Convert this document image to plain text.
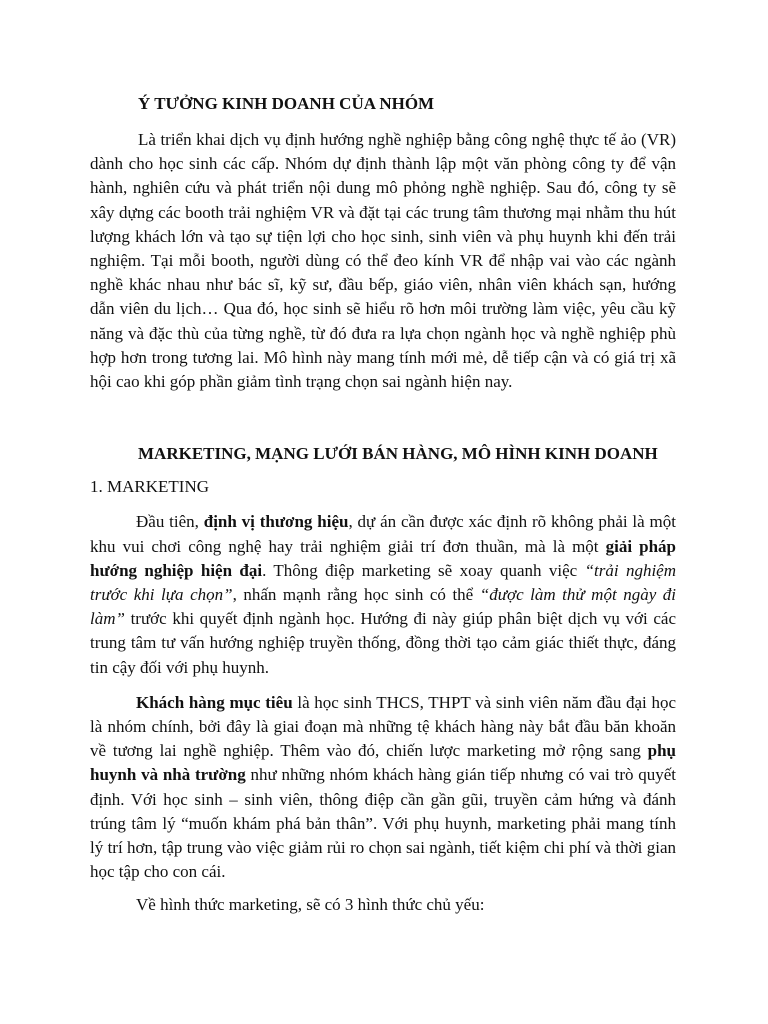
Ý TƯỞNG KINH DOANH CỦA NHÓM

Là triển khai dịch vụ định hướng nghề nghiệp bằng công nghệ thực tế ảo (VR) dành cho học sinh các cấp. Nhóm dự định thành lập một văn phòng công ty để vận hành, nghiên cứu và phát triển nội dung mô phỏng nghề nghiệp. Sau đó, công ty sẽ xây dựng các booth trải nghiệm VR và đặt tại các trung tâm thương mại nhằm thu hút lượng khách lớn và tạo sự tiện lợi cho học sinh, sinh viên và phụ huynh khi đến trải nghiệm. Tại mỗi booth, người dùng có thể đeo kính VR để nhập vai vào các ngành nghề khác nhau như bác sĩ, kỹ sư, đầu bếp, giáo viên, nhân viên khách sạn, hướng dẫn viên du lịch… Qua đó, học sinh sẽ hiểu rõ hơn môi trường làm việc, yêu cầu kỹ năng và đặc thù của từng nghề, từ đó đưa ra lựa chọn ngành học và nghề nghiệp phù hợp hơn trong tương lai. Mô hình này mang tính mới mẻ, dễ tiếp cận và có giá trị xã hội cao khi góp phần giảm tình trạng chọn sai ngành hiện nay.

MARKETING, MẠNG LƯỚI BÁN HÀNG, MÔ HÌNH KINH DOANH

1. MARKETING

Đầu tiên, định vị thương hiệu, dự án cần được xác định rõ không phải là một khu vui chơi công nghệ hay trải nghiệm giải trí đơn thuần, mà là một giải pháp hướng nghiệp hiện đại. Thông điệp marketing sẽ xoay quanh việc “trải nghiệm trước khi lựa chọn”, nhấn mạnh rằng học sinh có thể “được làm thử một ngày đi làm” trước khi quyết định ngành học. Hướng đi này giúp phân biệt dịch vụ với các trung tâm tư vấn hướng nghiệp truyền thống, đồng thời tạo cảm giác thiết thực, đáng tin cậy đối với phụ huynh.

Khách hàng mục tiêu là học sinh THCS, THPT và sinh viên năm đầu đại học là nhóm chính, bởi đây là giai đoạn mà những tệ khách hàng này bắt đầu băn khoăn về tương lai nghề nghiệp. Thêm vào đó, chiến lược marketing mở rộng sang phụ huynh và nhà trường như những nhóm khách hàng gián tiếp nhưng có vai trò quyết định. Với học sinh – sinh viên, thông điệp cần gần gũi, truyền cảm hứng và đánh trúng tâm lý “muốn khám phá bản thân”. Với phụ huynh, marketing phải mang tính lý trí hơn, tập trung vào việc giảm rủi ro chọn sai ngành, tiết kiệm chi phí và thời gian học tập cho con cái.

Về hình thức marketing, sẽ có 3 hình thức chủ yếu:
